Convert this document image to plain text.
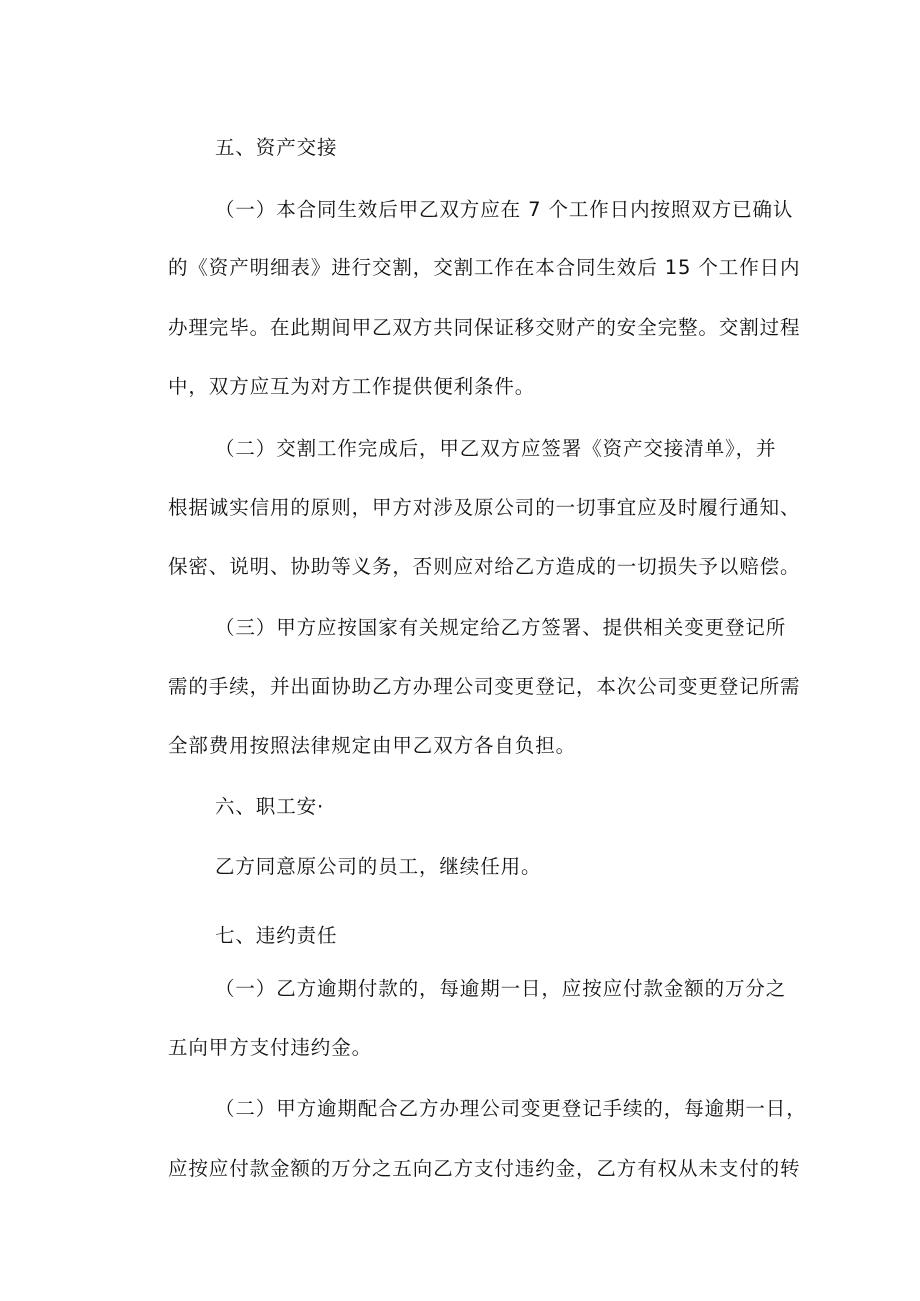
五、资产交接
（一）本合同生效后甲乙双方应在 7 个工作日内按照双方已确认
的《资产明细表》进行交割，交割工作在本合同生效后 15 个工作日内
办理完毕。在此期间甲乙双方共同保证移交财产的安全完整。交割过程
中，双方应互为对方工作提供便利条件。
（二）交割工作完成后，甲乙双方应签署《资产交接清单》，并
根据诚实信用的原则，甲方对涉及原公司的一切事宜应及时履行通知、
保密、说明、协助等义务，否则应对给乙方造成的一切损失予以赔偿。
（三）甲方应按国家有关规定给乙方签署、提供相关变更登记所
需的手续，并出面协助乙方办理公司变更登记，本次公司变更登记所需
全部费用按照法律规定由甲乙双方各自负担。
六、职工安·
乙方同意原公司的员工，继续任用。
七、违约责任
（一）乙方逾期付款的，每逾期一日，应按应付款金额的万分之
五向甲方支付违约金。
（二）甲方逾期配合乙方办理公司变更登记手续的，每逾期一日，
应按应付款金额的万分之五向乙方支付违约金，乙方有权从未支付的转
